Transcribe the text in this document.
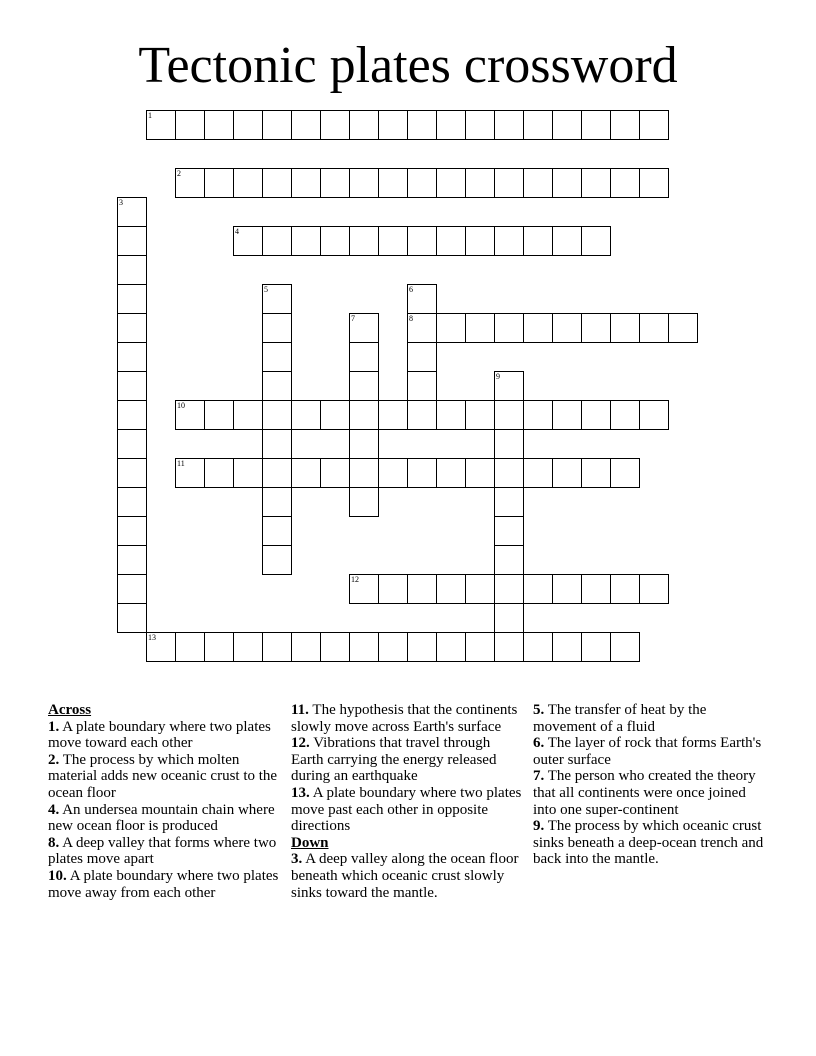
Tectonic plates crossword
1
2
3
4
5	6
8
7
9
10
11
12
13
Across
1. A plate boundary where two plates move toward each other
2. The process by which molten material adds new oceanic crust to the ocean floor
4. An undersea mountain chain where new ocean floor is produced
8. A deep valley that forms where two plates move apart
10. A plate boundary where two plates move away from each other
11. The hypothesis that the continents slowly move across Earth's surface
12. Vibrations that travel through Earth carrying the energy released during an earthquake
13. A plate boundary where two plates move past each other in opposite directions
Down
3. A deep valley along the ocean floor beneath which oceanic crust slowly sinks toward the mantle.
5. The transfer of heat by the movement of a fluid
6. The layer of rock that forms Earth's outer surface
7. The person who created the theory that all continents were once joined into one super-continent
9. The process by which oceanic crust sinks beneath a deep-ocean trench and back into the mantle.
